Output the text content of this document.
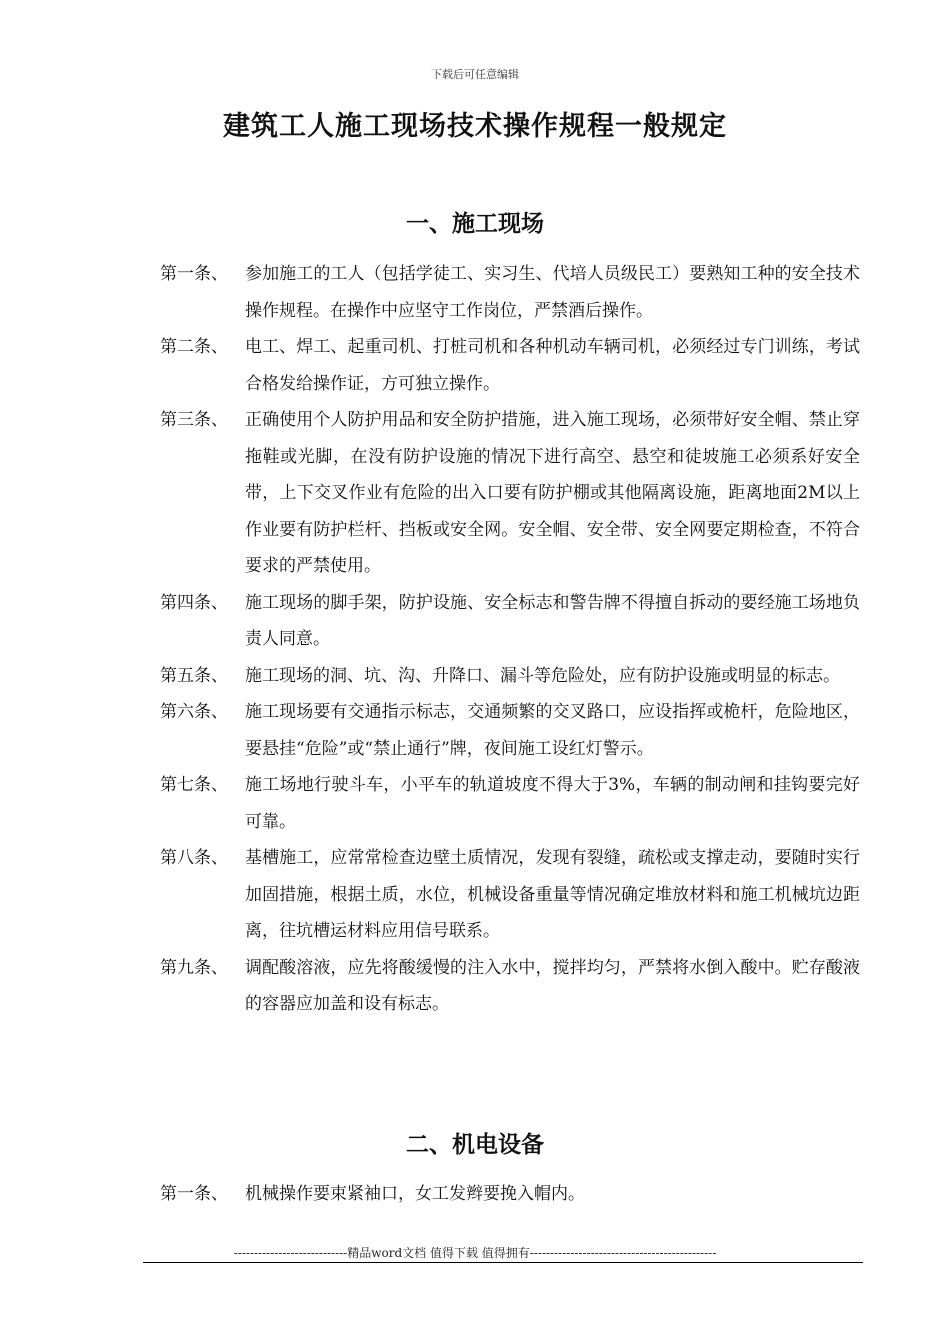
下载后可任意编辑
建筑工人施工现场技术操作规程一般规定
一、施工现场
第一条、 参加施工的工人（包括学徒工、实习生、代培人员级民工）要熟知工种的安全技术操作规程。在操作中应坚守工作岗位，严禁酒后操作。
第二条、 电工、焊工、起重司机、打桩司机和各种机动车辆司机，必须经过专门训练，考试合格发给操作证，方可独立操作。
第三条、 正确使用个人防护用品和安全防护措施，进入施工现场，必须带好安全帽、禁止穿拖鞋或光脚，在没有防护设施的情况下进行高空、悬空和徒坡施工必须系好安全带，上下交叉作业有危险的出入口要有防护棚或其他隔离设施，距离地面2M以上作业要有防护栏杆、挡板或安全网。安全帽、安全带、安全网要定期检查，不符合要求的严禁使用。
第四条、 施工现场的脚手架，防护设施、安全标志和警告牌不得擅自拆动的要经施工场地负责人同意。
第五条、 施工现场的洞、坑、沟、升降口、漏斗等危险处，应有防护设施或明显的标志。
第六条、 施工现场要有交通指示标志，交通频繁的交叉路口，应设指挥或桅杆，危险地区，要悬挂“危险”或“禁止通行”牌，夜间施工设红灯警示。
第七条、 施工场地行驶斗车，小平车的轨道坡度不得大于3%，车辆的制动闸和挂钩要完好可靠。
第八条、 基槽施工，应常常检查边壁土质情况，发现有裂缝，疏松或支撑走动，要随时实行加固措施，根据土质，水位，机械设备重量等情况确定堆放材料和施工机械坑边距离，往坑槽运材料应用信号联系。
第九条、 调配酸溶液，应先将酸缓慢的注入水中，搅拌均匀，严禁将水倒入酸中。贮存酸液的容器应加盖和设有标志。
二、机电设备
第一条、 机械操作要束紧袖口，女工发辫要挽入帽内。
----------------------------精品word文档 值得下载 值得拥有----------------------------------------------
